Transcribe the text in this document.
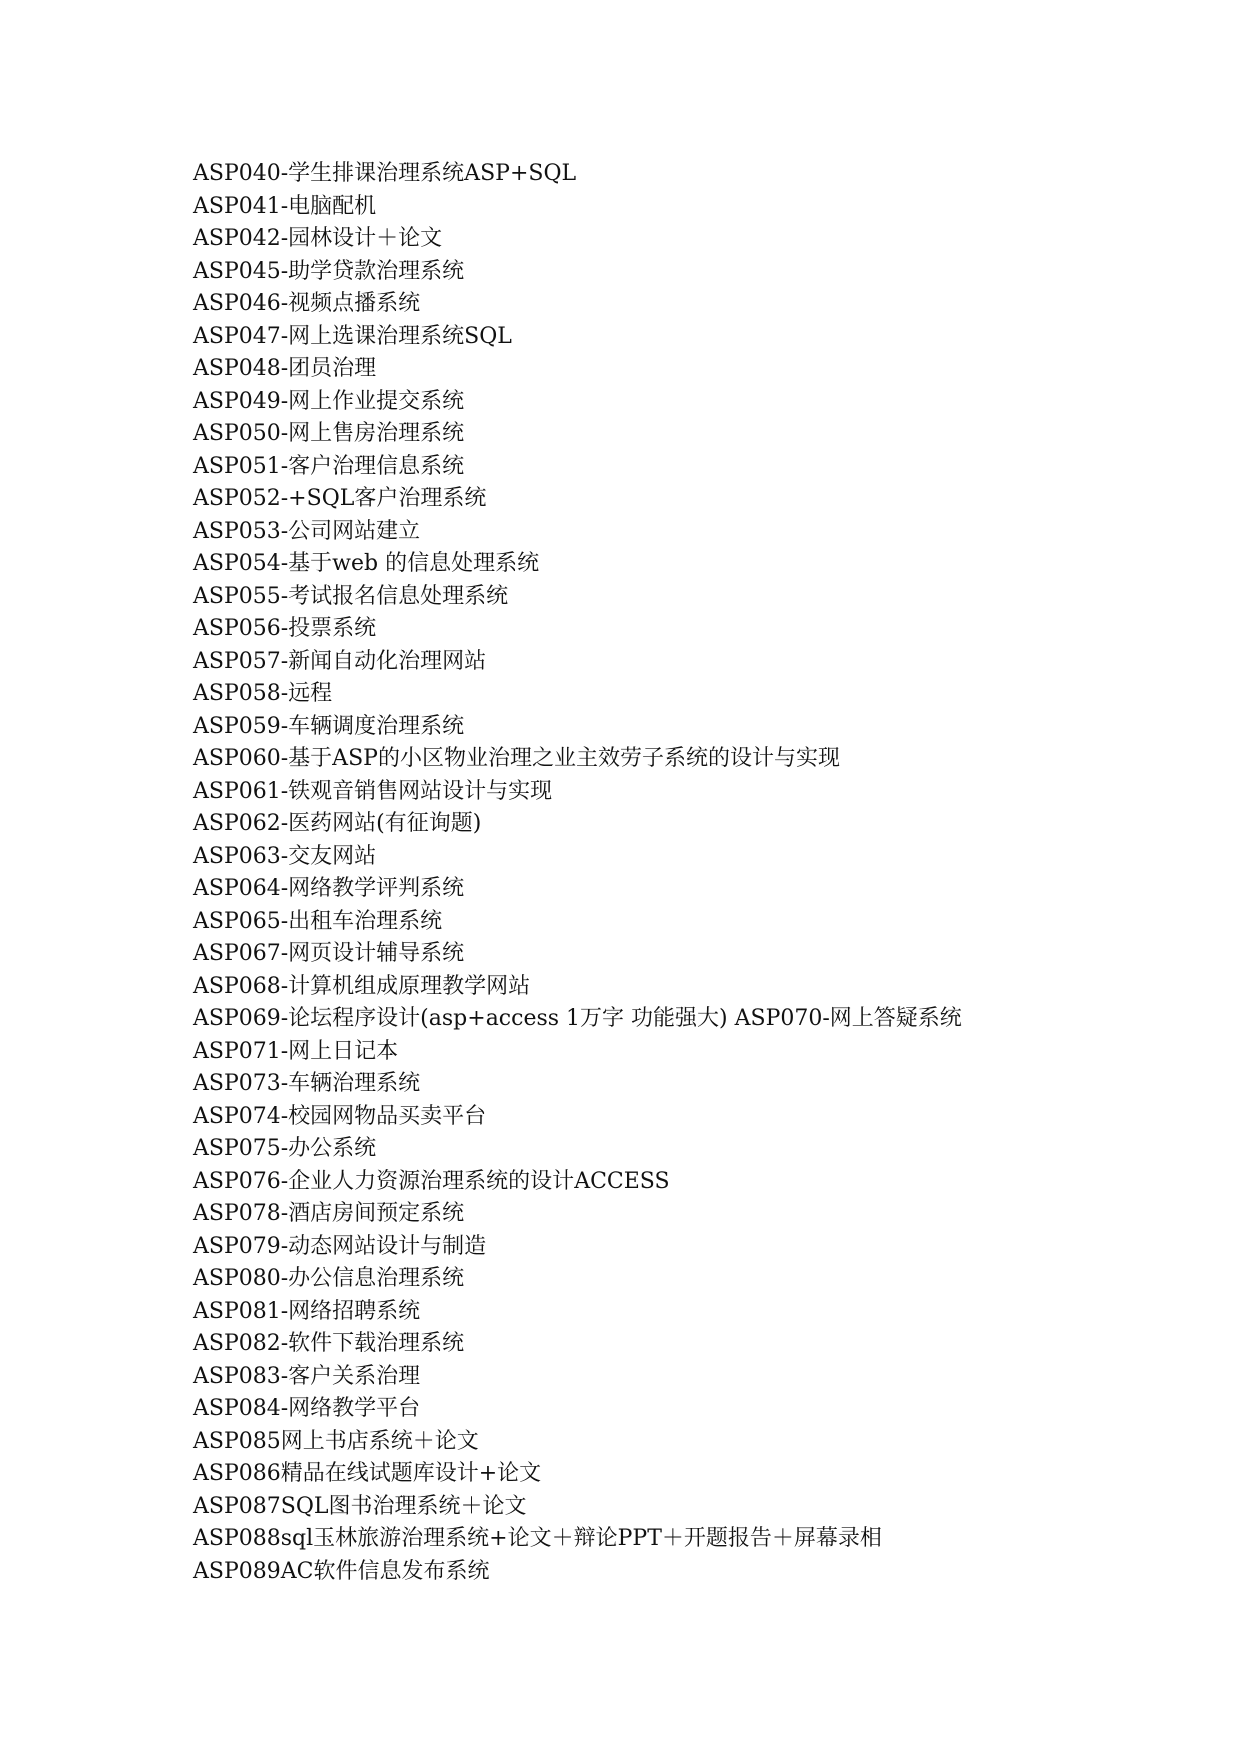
ASP040-学生排课治理系统ASP+SQL
ASP041-电脑配机
ASP042-园林设计＋论文
ASP045-助学贷款治理系统
ASP046-视频点播系统
ASP047-网上选课治理系统SQL
ASP048-团员治理
ASP049-网上作业提交系统
ASP050-网上售房治理系统
ASP051-客户治理信息系统
ASP052-+SQL客户治理系统
ASP053-公司网站建立
ASP054-基于web 的信息处理系统
ASP055-考试报名信息处理系统
ASP056-投票系统
ASP057-新闻自动化治理网站
ASP058-远程
ASP059-车辆调度治理系统
ASP060-基于ASP的小区物业治理之业主效劳子系统的设计与实现
ASP061-铁观音销售网站设计与实现
ASP062-医药网站(有征询题)
ASP063-交友网站
ASP064-网络教学评判系统
ASP065-出租车治理系统
ASP067-网页设计辅导系统
ASP068-计算机组成原理教学网站
ASP069-论坛程序设计(asp+access 1万字 功能强大) ASP070-网上答疑系统
ASP071-网上日记本
ASP073-车辆治理系统
ASP074-校园网物品买卖平台
ASP075-办公系统
ASP076-企业人力资源治理系统的设计ACCESS
ASP078-酒店房间预定系统
ASP079-动态网站设计与制造
ASP080-办公信息治理系统
ASP081-网络招聘系统
ASP082-软件下载治理系统
ASP083-客户关系治理
ASP084-网络教学平台
ASP085网上书店系统＋论文
ASP086精品在线试题库设计+论文
ASP087SQL图书治理系统＋论文
ASP088sql玉林旅游治理系统+论文＋辩论PPT＋开题报告＋屏幕录相
ASP089AC软件信息发布系统
